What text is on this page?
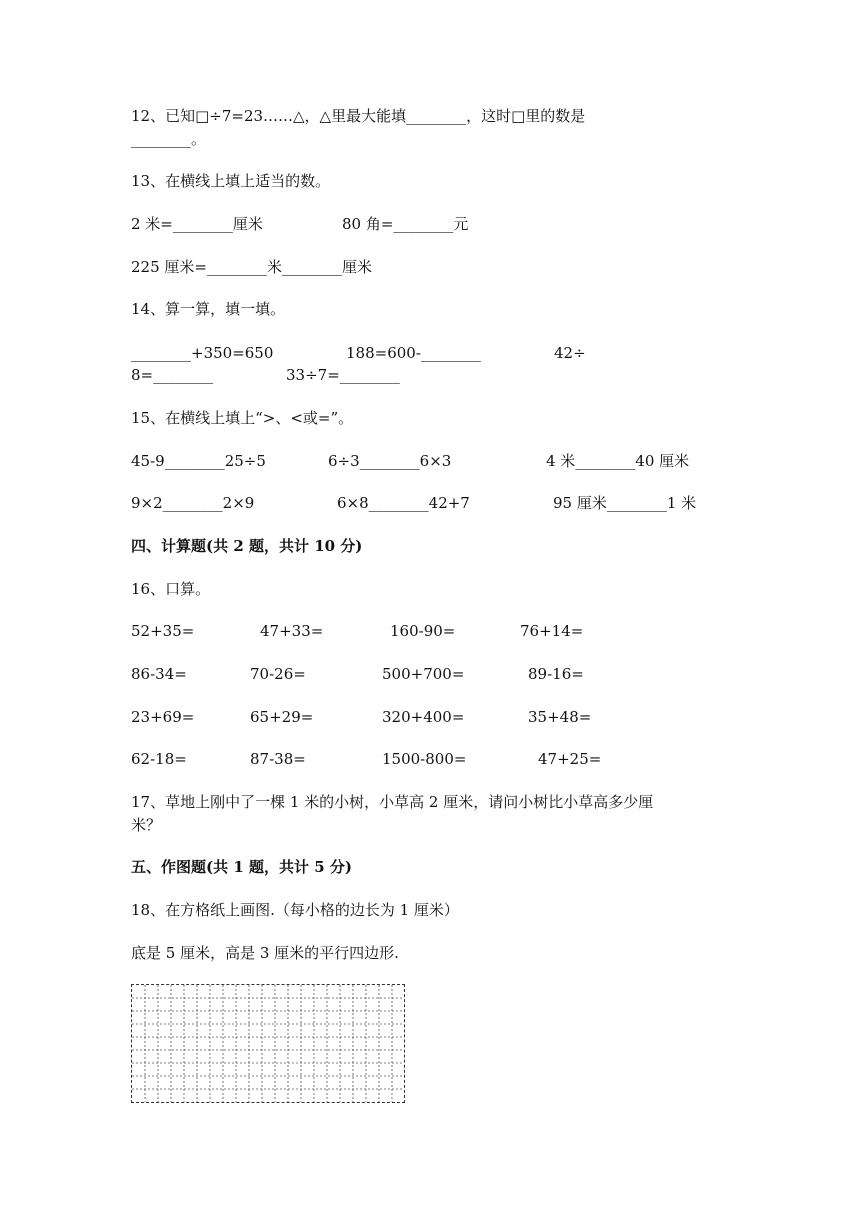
12、已知□÷7=23……△，△里最大能填________，这时□里的数是
________。
13、在横线上填上适当的数。
2 米=________厘米	80 角=________元
225 厘米=________米________厘米
14、算一算，填一填。
________+350=650	188=600-________	42÷
8=________	33÷7=________
15、在横线上填上“>、<或=”。
45-9________25÷5	6÷3________6×3	4 米________40 厘米
9×2________2×9	6×8________42+7	95 厘米________1 米
四、计算题(共 2 题，共计 10 分)
16、口算。
52+35=	47+33=	160-90=	76+14=
86-34=	70-26=	500+700=	89-16=
23+69=	65+29=	320+400=	35+48=
62-18=	87-38=	1500-800=	47+25=
17、草地上刚中了一棵 1 米的小树，小草高 2 厘米，请问小树比小草高多少厘
米？
五、作图题(共 1 题，共计 5 分)
18、在方格纸上画图.（每小格的边长为 1 厘米）
底是 5 厘米，高是 3 厘米的平行四边形.
